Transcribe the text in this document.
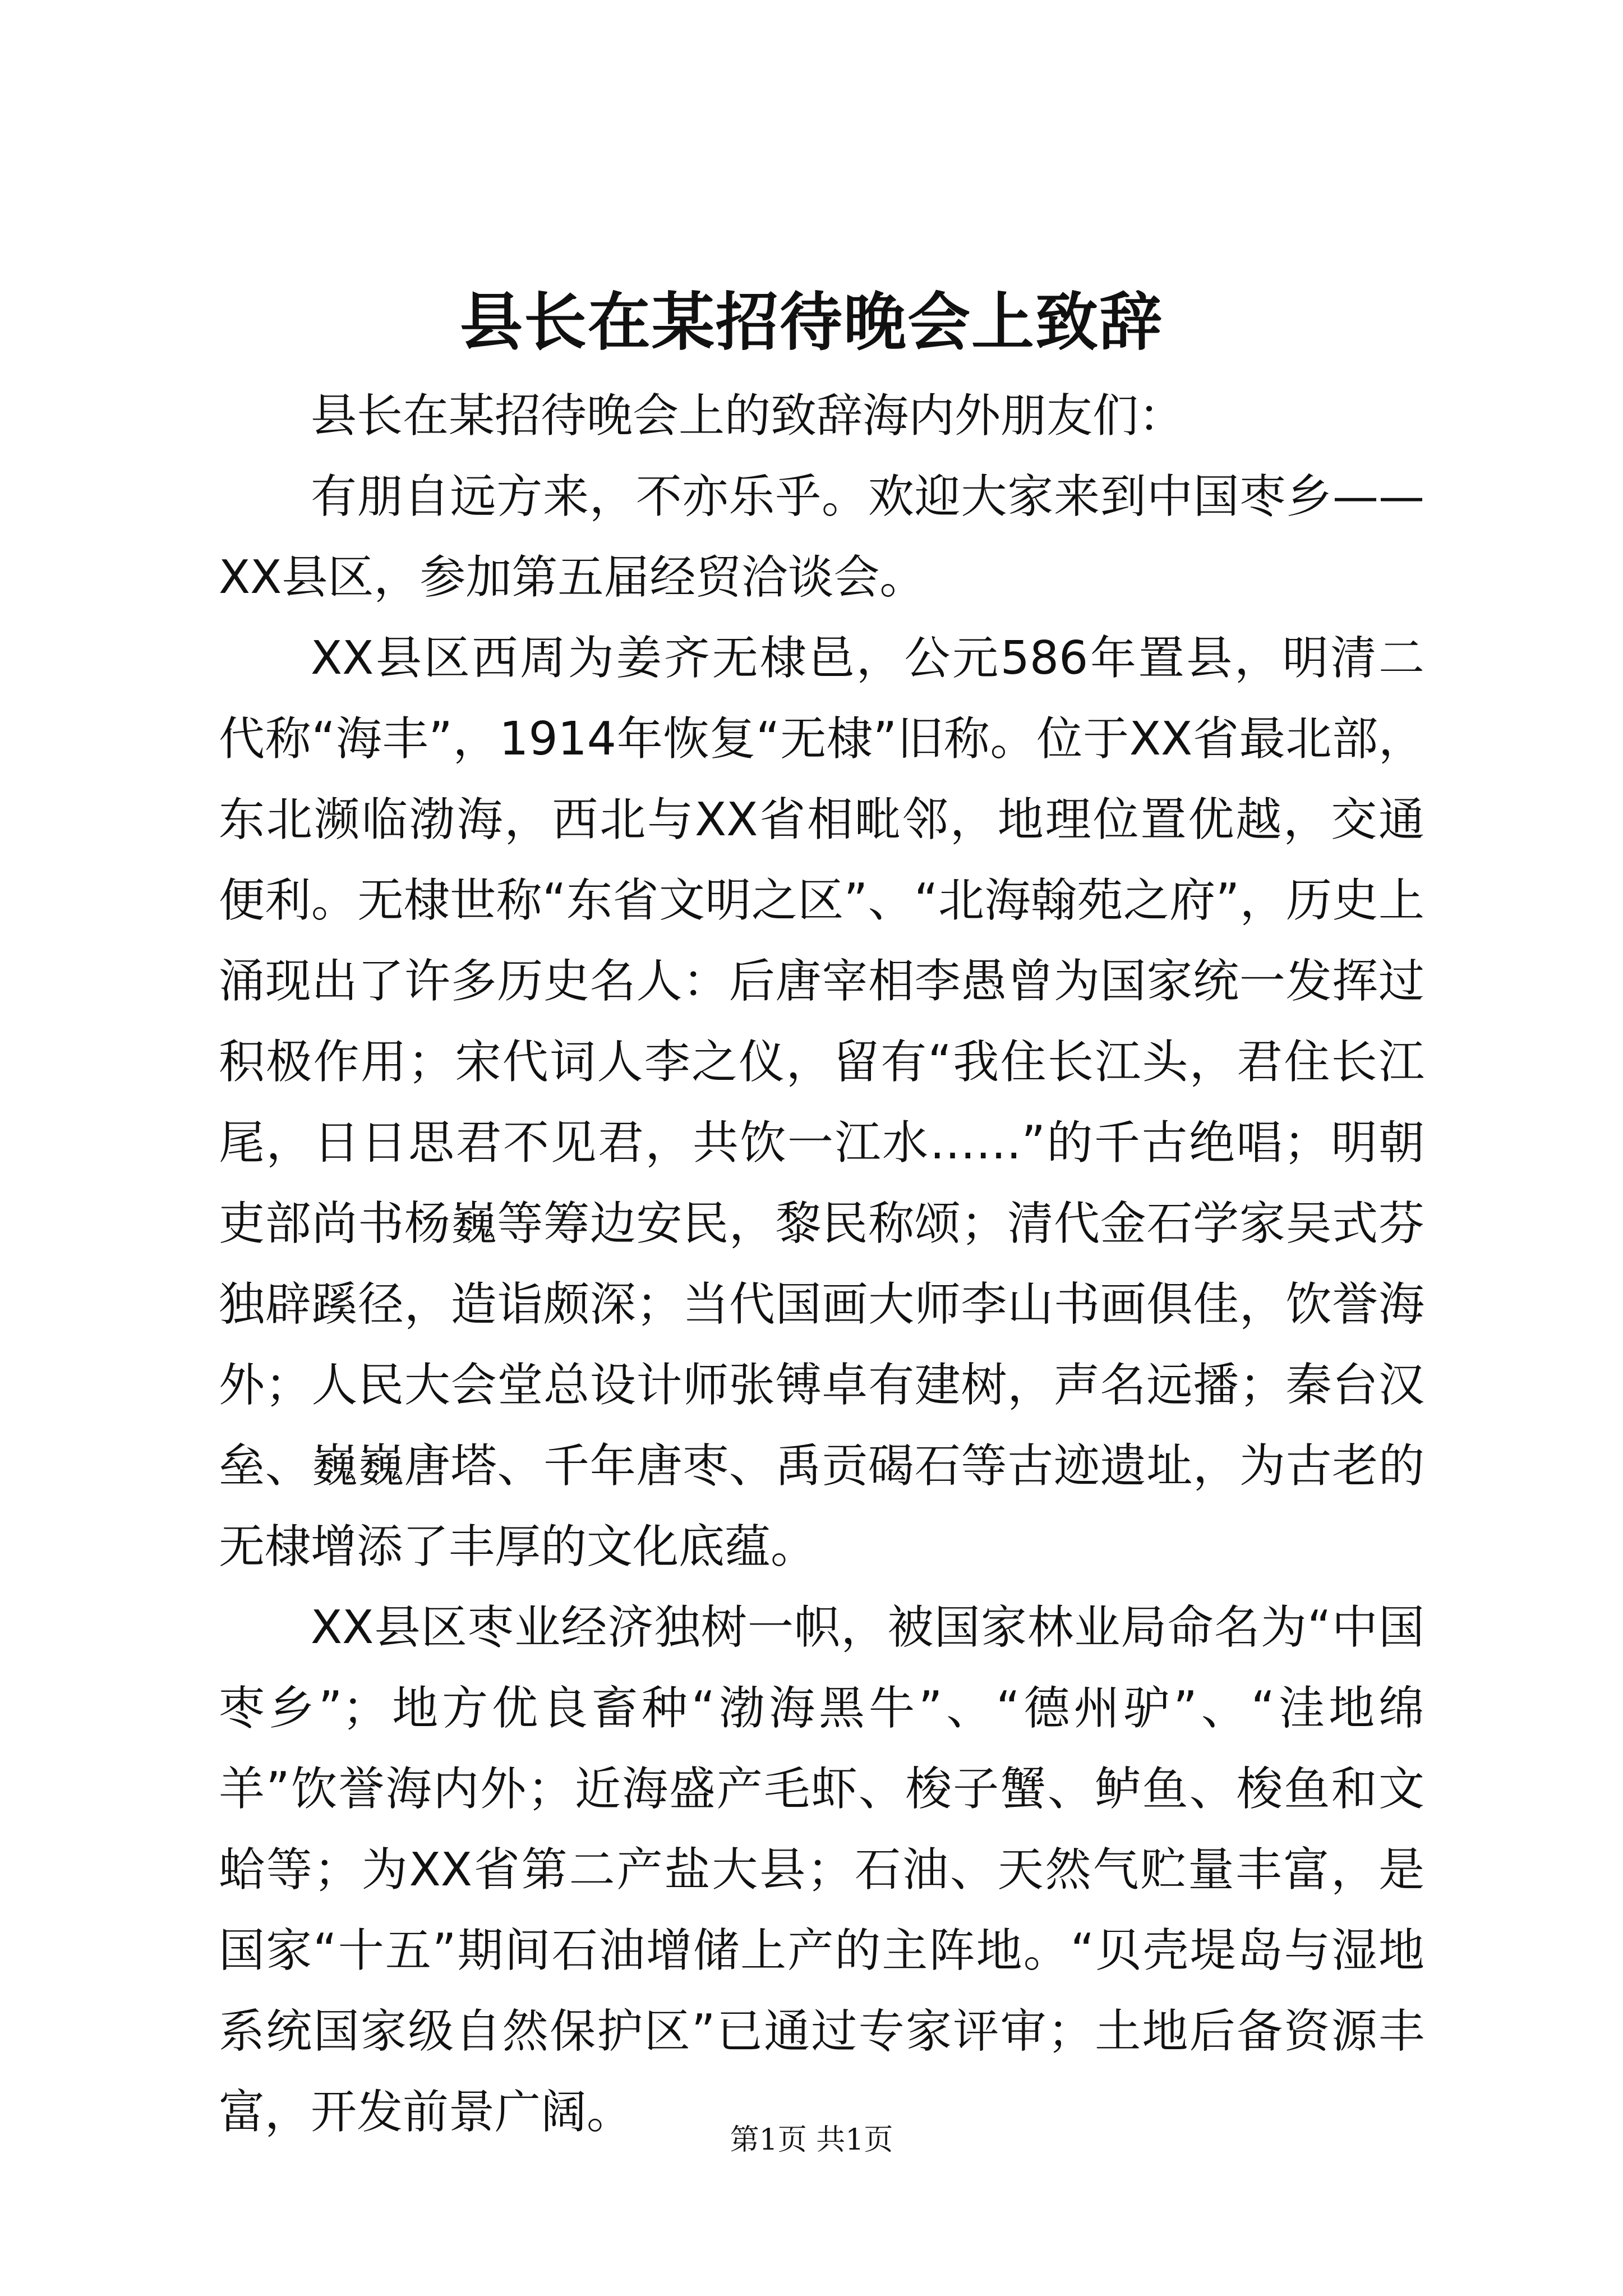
县长在某招待晚会上致辞

县长在某招待晚会上的致辞海内外朋友们：

有朋自远方来，不亦乐乎。欢迎大家来到中国枣乡——XX县区，参加第五届经贸洽谈会。

XX县区西周为姜齐无棣邑，公元586年置县，明清二代称“海丰”，1914年恢复“无棣”旧称。位于XX省最北部，东北濒临渤海，西北与XX省相毗邻，地理位置优越，交通便利。无棣世称“东省文明之区”、“北海翰苑之府”，历史上涌现出了许多历史名人：后唐宰相李愚曾为国家统一发挥过积极作用；宋代词人李之仪，留有“我住长江头，君住长江尾，日日思君不见君，共饮一江水……”的千古绝唱；明朝吏部尚书杨巍等筹边安民，黎民称颂；清代金石学家吴式芬独辟蹊径，造诣颇深；当代国画大师李山书画俱佳，饮誉海外；人民大会堂总设计师张镈卓有建树，声名远播；秦台汉垒、巍巍唐塔、千年唐枣、禹贡碣石等古迹遗址，为古老的无棣增添了丰厚的文化底蕴。

XX县区枣业经济独树一帜，被国家林业局命名为“中国枣乡”；地方优良畜种“渤海黑牛”、“德州驴”、“洼地绵羊”饮誉海内外；近海盛产毛虾、梭子蟹、鲈鱼、梭鱼和文蛤等；为XX省第二产盐大县；石油、天然气贮量丰富，是国家“十五”期间石油增储上产的主阵地。“贝壳堤岛与湿地系统国家级自然保护区”已通过专家评审；土地后备资源丰富，开发前景广阔。

第1页 共1页
